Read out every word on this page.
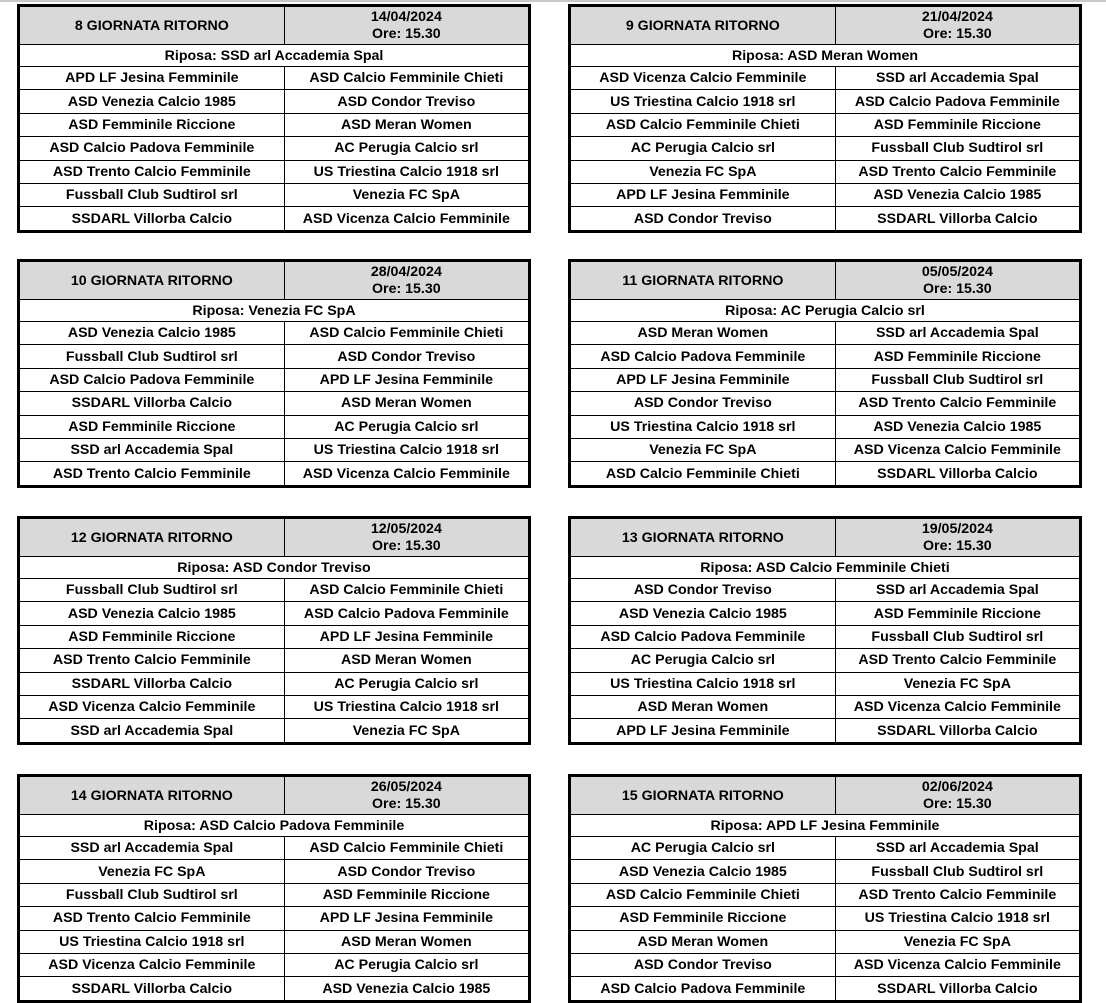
8 GIORNATA RITORNO	14/04/2024
Ore: 15.30

Riposa: SSD arl Accademia Spal	
APD LF Jesina Femminile	ASD Calcio Femminile Chieti
ASD Venezia Calcio 1985	ASD Condor Treviso
ASD Femminile Riccione	ASD Meran Women
ASD Calcio Padova Femminile	AC Perugia Calcio srl
ASD Trento Calcio Femminile	US Triestina Calcio 1918 srl
Fussball Club Sudtirol srl	Venezia FC SpA
SSDARL Villorba Calcio	ASD Vicenza Calcio Femminile
9 GIORNATA RITORNO	21/04/2024
Ore: 15.30

Riposa: ASD Meran Women	
ASD Vicenza Calcio Femminile	SSD arl Accademia Spal
US Triestina Calcio 1918 srl	ASD Calcio Padova Femminile
ASD Calcio Femminile Chieti	ASD Femminile Riccione
AC Perugia Calcio srl	Fussball Club Sudtirol srl
Venezia FC SpA	ASD Trento Calcio Femminile
APD LF Jesina Femminile	ASD Venezia Calcio 1985
ASD Condor Treviso	SSDARL Villorba Calcio
10 GIORNATA RITORNO	28/04/2024
Ore: 15.30

Riposa: Venezia FC SpA	
ASD Venezia Calcio 1985	ASD Calcio Femminile Chieti
Fussball Club Sudtirol srl	ASD Condor Treviso
ASD Calcio Padova Femminile	APD LF Jesina Femminile
SSDARL Villorba Calcio	ASD Meran Women
ASD Femminile Riccione	AC Perugia Calcio srl
SSD arl Accademia Spal	US Triestina Calcio 1918 srl
ASD Trento Calcio Femminile	ASD Vicenza Calcio Femminile
11 GIORNATA RITORNO	05/05/2024
Ore: 15.30

Riposa: AC Perugia Calcio srl	
ASD Meran Women	SSD arl Accademia Spal
ASD Calcio Padova Femminile	ASD Femminile Riccione
APD LF Jesina Femminile	Fussball Club Sudtirol srl
ASD Condor Treviso	ASD Trento Calcio Femminile
US Triestina Calcio 1918 srl	ASD Venezia Calcio 1985
Venezia FC SpA	ASD Vicenza Calcio Femminile
ASD Calcio Femminile Chieti	SSDARL Villorba Calcio
12 GIORNATA RITORNO	12/05/2024
Ore: 15.30

Riposa: ASD Condor Treviso	
Fussball Club Sudtirol srl	ASD Calcio Femminile Chieti
ASD Venezia Calcio 1985	ASD Calcio Padova Femminile
ASD Femminile Riccione	APD LF Jesina Femminile
ASD Trento Calcio Femminile	ASD Meran Women
SSDARL Villorba Calcio	AC Perugia Calcio srl
ASD Vicenza Calcio Femminile	US Triestina Calcio 1918 srl
SSD arl Accademia Spal	Venezia FC SpA
13 GIORNATA RITORNO	19/05/2024
Ore: 15.30

Riposa: ASD Calcio Femminile Chieti	
ASD Condor Treviso	SSD arl Accademia Spal
ASD Venezia Calcio 1985	ASD Femminile Riccione
ASD Calcio Padova Femminile	Fussball Club Sudtirol srl
AC Perugia Calcio srl	ASD Trento Calcio Femminile
US Triestina Calcio 1918 srl	Venezia FC SpA
ASD Meran Women	ASD Vicenza Calcio Femminile
APD LF Jesina Femminile	SSDARL Villorba Calcio
14 GIORNATA RITORNO	26/05/2024
Ore: 15.30

Riposa: ASD Calcio Padova Femminile	
SSD arl Accademia Spal	ASD Calcio Femminile Chieti
Venezia FC SpA	ASD Condor Treviso
Fussball Club Sudtirol srl	ASD Femminile Riccione
ASD Trento Calcio Femminile	APD LF Jesina Femminile
US Triestina Calcio 1918 srl	ASD Meran Women
ASD Vicenza Calcio Femminile	AC Perugia Calcio srl
SSDARL Villorba Calcio	ASD Venezia Calcio 1985
15 GIORNATA RITORNO	02/06/2024
Ore: 15.30

Riposa: APD LF Jesina Femminile	
AC Perugia Calcio srl	SSD arl Accademia Spal
ASD Venezia Calcio 1985	Fussball Club Sudtirol srl
ASD Calcio Femminile Chieti	ASD Trento Calcio Femminile
ASD Femminile Riccione	US Triestina Calcio 1918 srl
ASD Meran Women	Venezia FC SpA
ASD Condor Treviso	ASD Vicenza Calcio Femminile
ASD Calcio Padova Femminile	SSDARL Villorba Calcio
